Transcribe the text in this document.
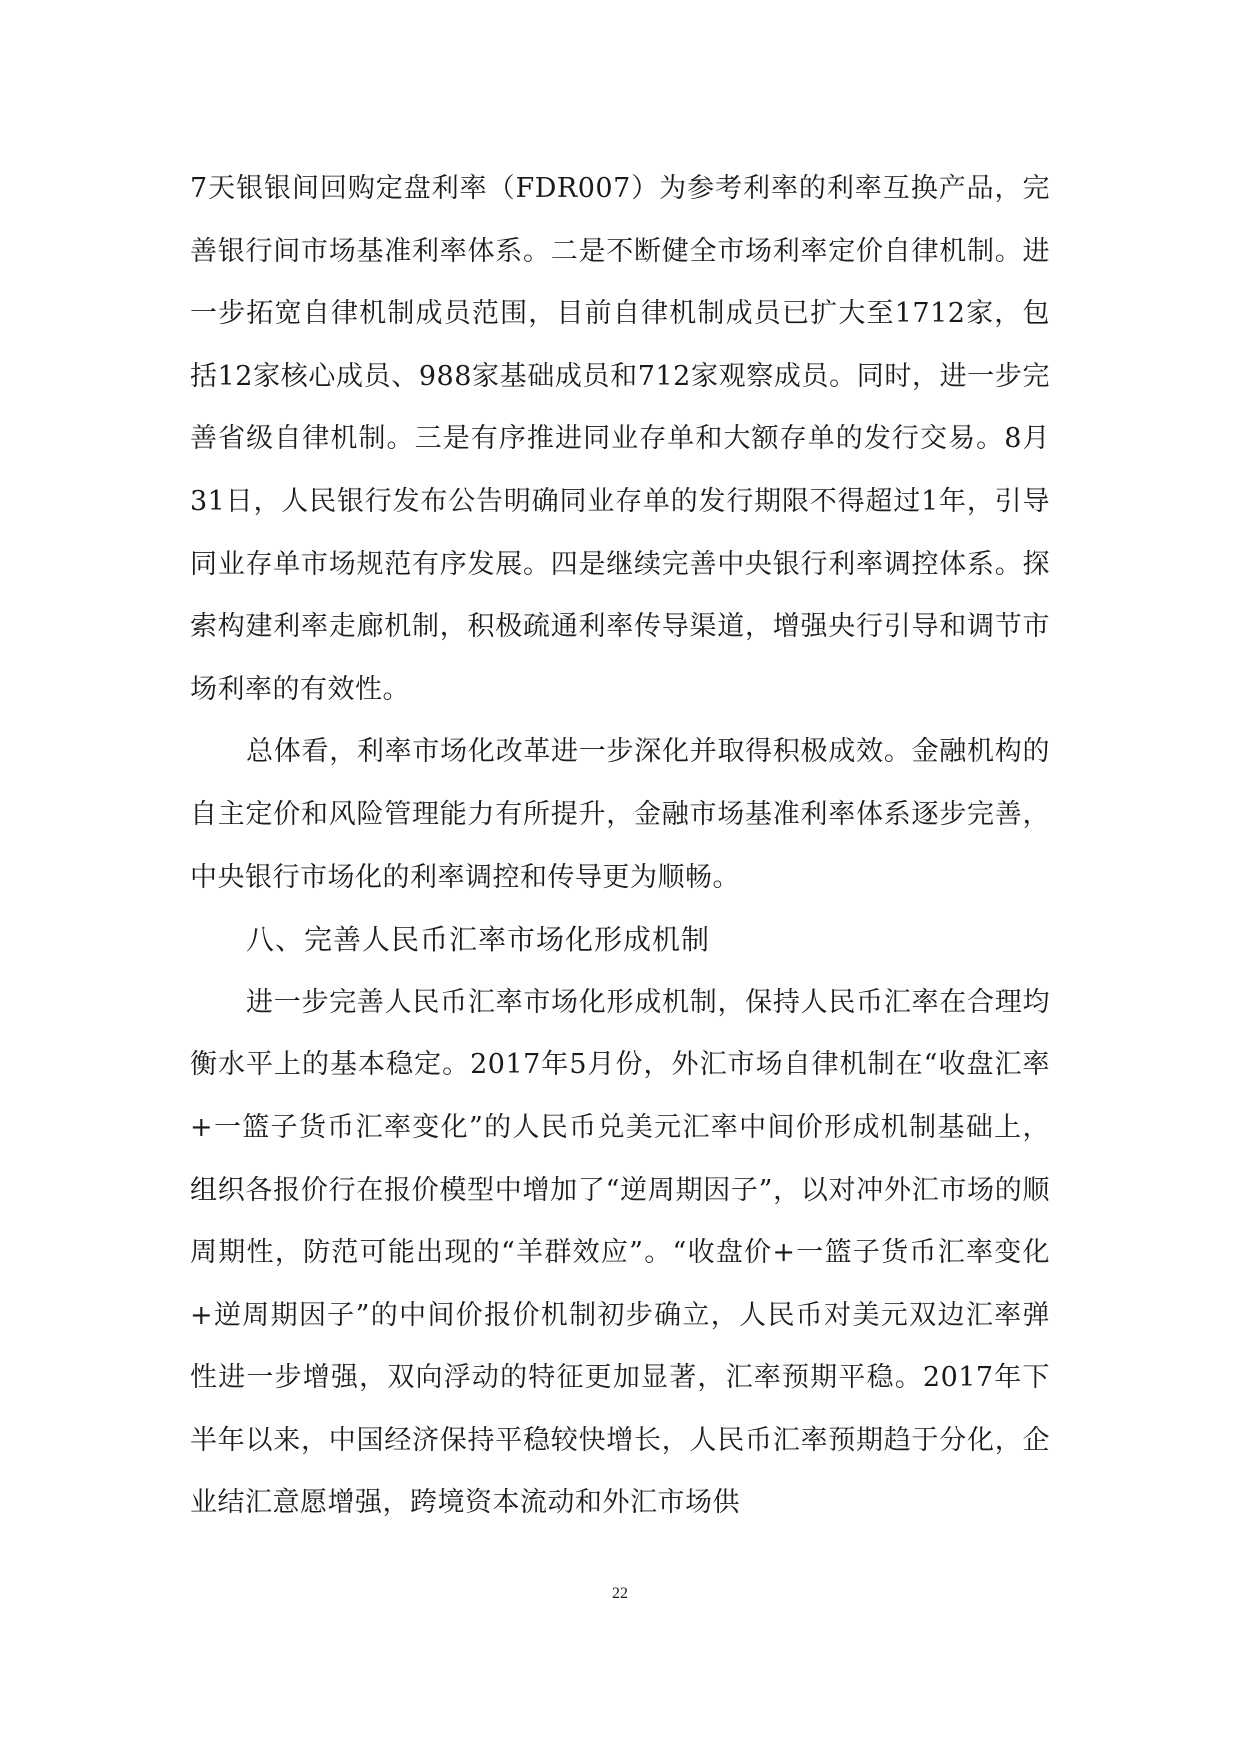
7天银银间回购定盘利率（FDR007）为参考利率的利率互换产品，完善银行间市场基准利率体系。二是不断健全市场利率定价自律机制。进一步拓宽自律机制成员范围，目前自律机制成员已扩大至1712家，包括12家核心成员、988家基础成员和712家观察成员。同时，进一步完善省级自律机制。三是有序推进同业存单和大额存单的发行交易。8月31日，人民银行发布公告明确同业存单的发行期限不得超过1年，引导同业存单市场规范有序发展。四是继续完善中央银行利率调控体系。探索构建利率走廊机制，积极疏通利率传导渠道，增强央行引导和调节市场利率的有效性。

总体看，利率市场化改革进一步深化并取得积极成效。金融机构的自主定价和风险管理能力有所提升，金融市场基准利率体系逐步完善，中央银行市场化的利率调控和传导更为顺畅。

八、完善人民币汇率市场化形成机制

进一步完善人民币汇率市场化形成机制，保持人民币汇率在合理均衡水平上的基本稳定。2017年5月份，外汇市场自律机制在“收盘汇率+一篮子货币汇率变化”的人民币兑美元汇率中间价形成机制基础上，组织各报价行在报价模型中增加了“逆周期因子”，以对冲外汇市场的顺周期性，防范可能出现的“羊群效应”。“收盘价+一篮子货币汇率变化+逆周期因子”的中间价报价机制初步确立，人民币对美元双边汇率弹性进一步增强，双向浮动的特征更加显著，汇率预期平稳。2017年下半年以来，中国经济保持平稳较快增长，人民币汇率预期趋于分化，企业结汇意愿增强，跨境资本流动和外汇市场供

22
